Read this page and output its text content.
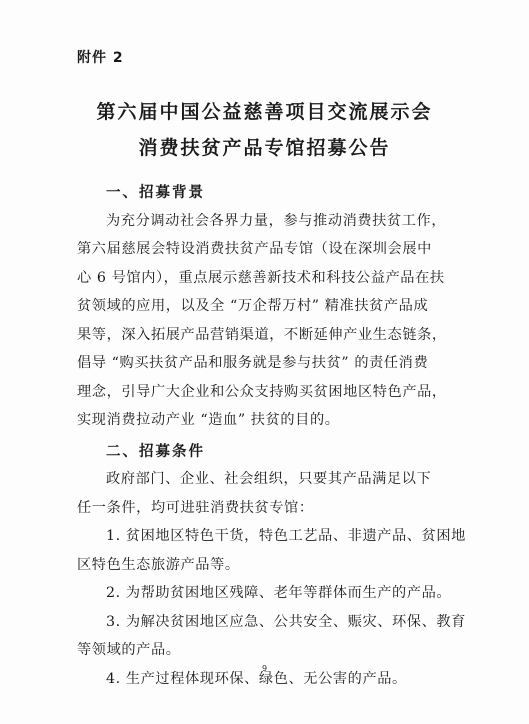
附件 2
第六届中国公益慈善项目交流展示会
消费扶贫产品专馆招募公告
一、招募背景
为充分调动社会各界力量，参与推动消费扶贫工作，
第六届慈展会特设消费扶贫产品专馆（设在深圳会展中
心 6 号馆内），重点展示慈善新技术和科技公益产品在扶
贫领域的应用，以及全 “万企帮万村” 精准扶贫产品成
果等，深入拓展产品营销渠道，不断延伸产业生态链条，
倡导 “购买扶贫产品和服务就是参与扶贫” 的责任消费
理念，引导广大企业和公众支持购买贫困地区特色产品，
实现消费拉动产业 “造血” 扶贫的目的。
二、招募条件
政府部门、企业、社会组织，只要其产品满足以下
任一条件，均可进驻消费扶贫专馆：
1. 贫困地区特色干货，特色工艺品、非遗产品、贫困地
区特色生态旅游产品等。
2. 为帮助贫困地区残障、老年等群体而生产的产品。
3. 为解决贫困地区应急、公共安全、赈灾、环保、教育
等领域的产品。
4. 生产过程体现环保、绿色、无公害的产品。
9
